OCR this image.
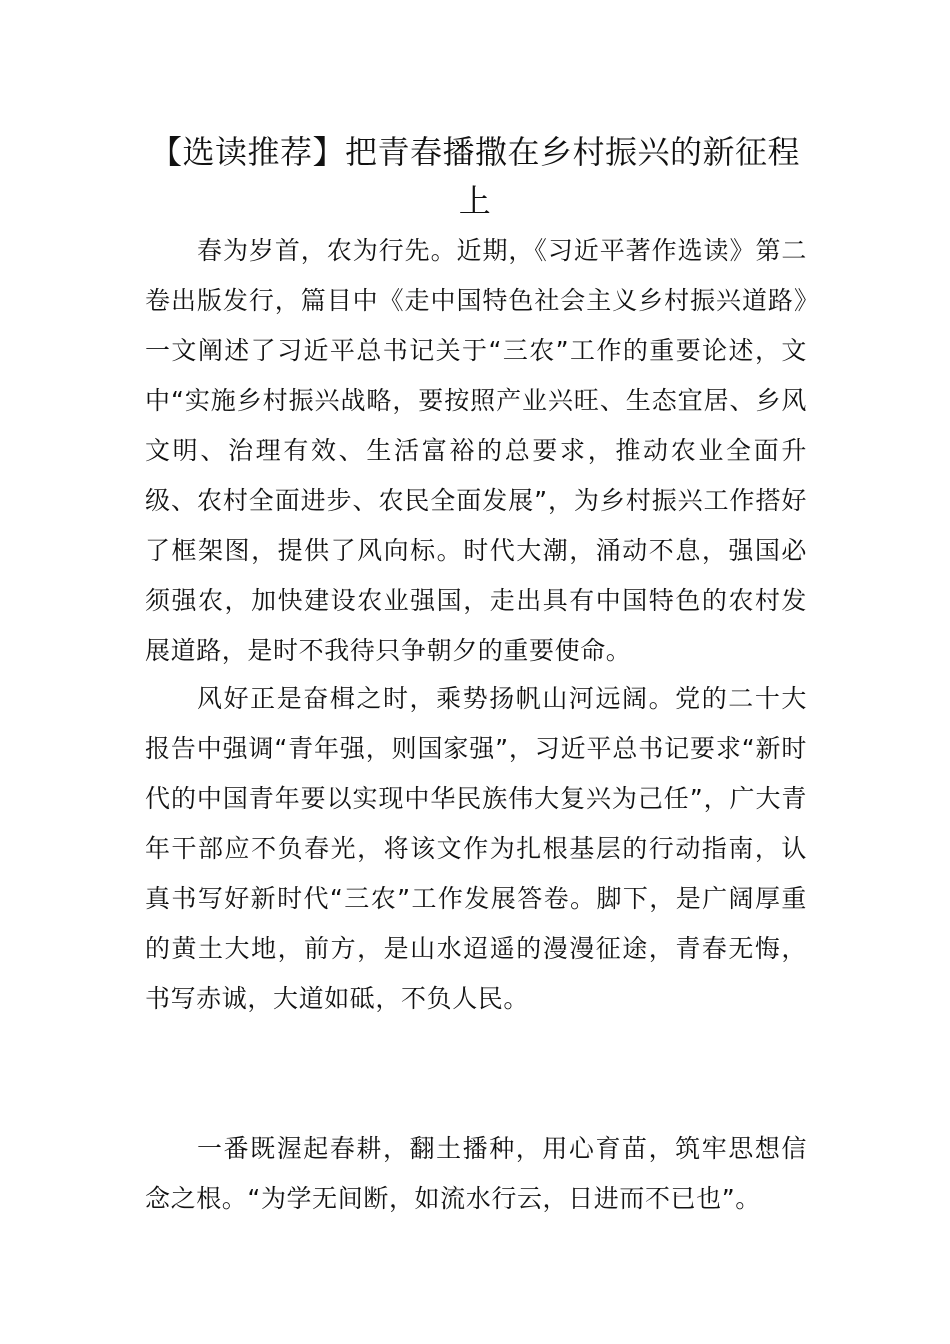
【选读推荐】把青春播撒在乡村振兴的新征程上

春为岁首，农为行先。近期，《习近平著作选读》第二卷出版发行，篇目中《走中国特色社会主义乡村振兴道路》一文阐述了习近平总书记关于“三农”工作的重要论述，文中“实施乡村振兴战略，要按照产业兴旺、生态宜居、乡风文明、治理有效、生活富裕的总要求，推动农业全面升级、农村全面进步、农民全面发展”，为乡村振兴工作搭好了框架图，提供了风向标。时代大潮，涌动不息，强国必须强农，加快建设农业强国，走出具有中国特色的农村发展道路，是时不我待只争朝夕的重要使命。

风好正是奋楫之时，乘势扬帆山河远阔。党的二十大报告中强调“青年强，则国家强”，习近平总书记要求“新时代的中国青年要以实现中华民族伟大复兴为己任”，广大青年干部应不负春光，将该文作为扎根基层的行动指南，认真书写好新时代“三农”工作发展答卷。脚下，是广阔厚重的黄土大地，前方，是山水迢遥的漫漫征途，青春无悔，书写赤诚，大道如砥，不负人民。

一番既渥起春耕，翻土播种，用心育苗，筑牢思想信念之根。“为学无间断，如流水行云，日进而不已也”。
